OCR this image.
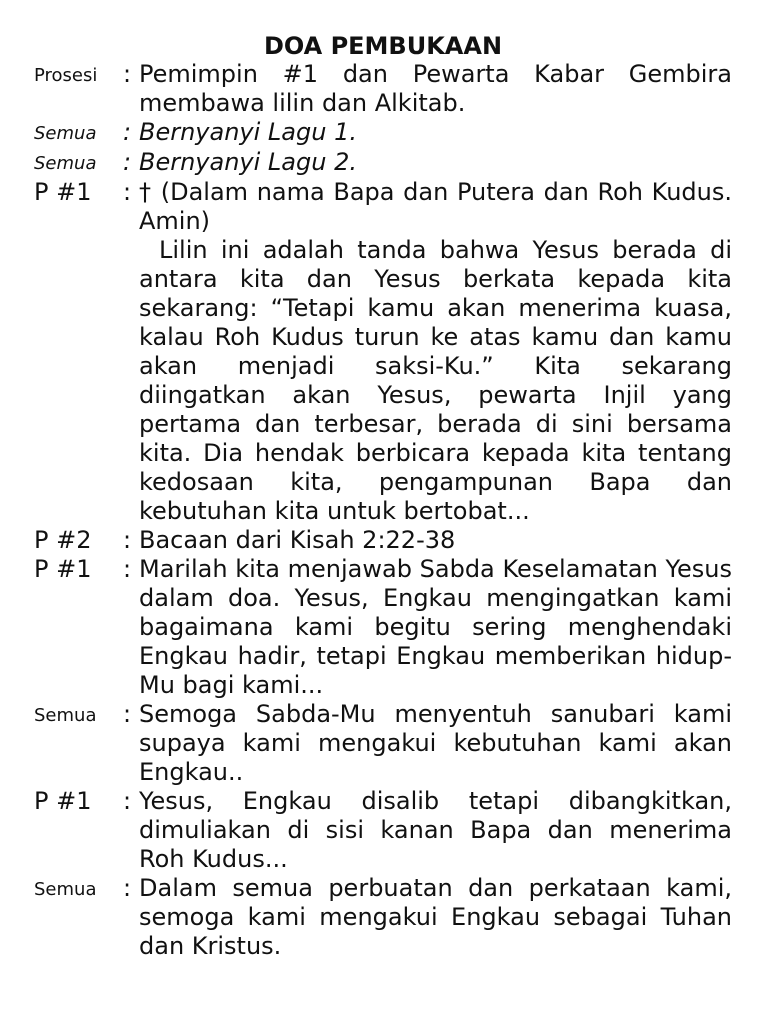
DOA PEMBUKAAN
Prosesi	: Pemimpin #1 dan Pewarta Kabar Gembira membawa lilin dan Alkitab.

Semua	: Bernyanyi Lagu 1.

Semua	: Bernyanyi Lagu 2.

P #1	: † (Dalam nama Bapa dan Putera dan Roh Kudus. Amin)

Lilin ini adalah tanda bahwa Yesus berada di antara kita dan Yesus berkata kepada kita sekarang: “Tetapi kamu akan menerima kuasa, kalau Roh Kudus turun ke atas kamu dan kamu akan menjadi saksi-Ku.” Kita sekarang diingatkan akan Yesus, pewarta Injil yang pertama dan terbesar, berada di sini bersama kita. Dia hendak berbicara kepada kita tentang kedosaan kita, pengampunan Bapa dan kebutuhan kita untuk bertobat...

P #2	: Bacaan dari Kisah 2:22-38

P #1	: Marilah kita menjawab Sabda Keselamatan Yesus dalam doa. Yesus, Engkau mengingatkan kami bagaimana kami begitu sering menghendaki Engkau hadir, tetapi Engkau memberikan hidup-Mu bagi kami...

Semua	: Semoga Sabda-Mu menyentuh sanubari kami supaya kami mengakui kebutuhan kami akan Engkau..

P #1	: Yesus, Engkau disalib tetapi dibangkitkan, dimuliakan di sisi kanan Bapa dan menerima Roh Kudus...

Semua	: Dalam semua perbuatan dan perkataan kami, semoga kami mengakui Engkau sebagai Tuhan dan Kristus.
